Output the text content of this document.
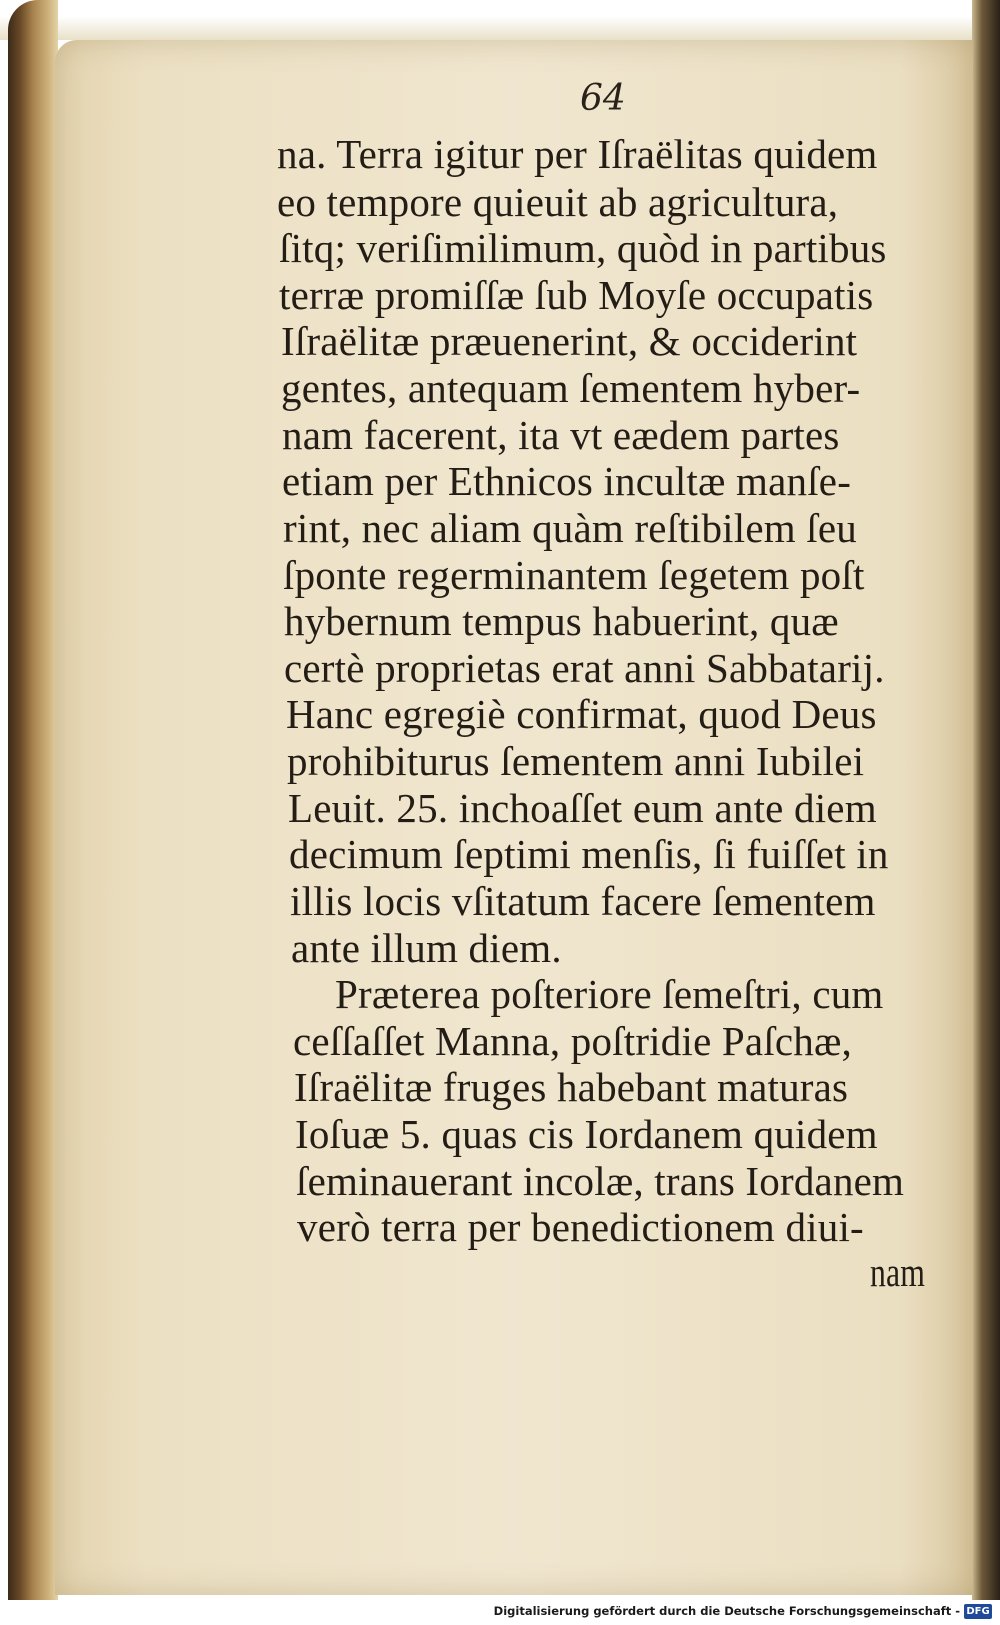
64
na. Terra igitur per Iſraëlitas quidem
eo tempore quieuit ab agricultura,
ſitq; veriſimilimum, quòd in partibus
terræ promiſſæ ſub Moyſe occupatis
Iſraëlitæ præuenerint, & occiderint
gentes, antequam ſementem hyber-
nam facerent, ita vt eædem partes
etiam per Ethnicos incultæ manſe-
rint, nec aliam quàm reſtibilem ſeu
ſponte regerminantem ſegetem poſt
hybernum tempus habuerint, quæ
certè proprietas erat anni Sabbatarij.
Hanc egregiè confirmat, quod Deus
prohibiturus ſementem anni Iubilei
Leuit. 25. inchoaſſet eum ante diem
decimum ſeptimi menſis, ſi fuiſſet in
illis locis vſitatum facere ſementem
ante illum diem.
Præterea poſteriore ſemeſtri, cum
ceſſaſſet Manna, poſtridie Paſchæ,
Iſraëlitæ fruges habebant maturas
Ioſuæ 5. quas cis Iordanem quidem
ſeminauerant incolæ, trans Iordanem
verò terra per benedictionem diui-
nam
Digitalisierung gefördert durch die Deutsche Forschungsgemeinschaft - DFG
